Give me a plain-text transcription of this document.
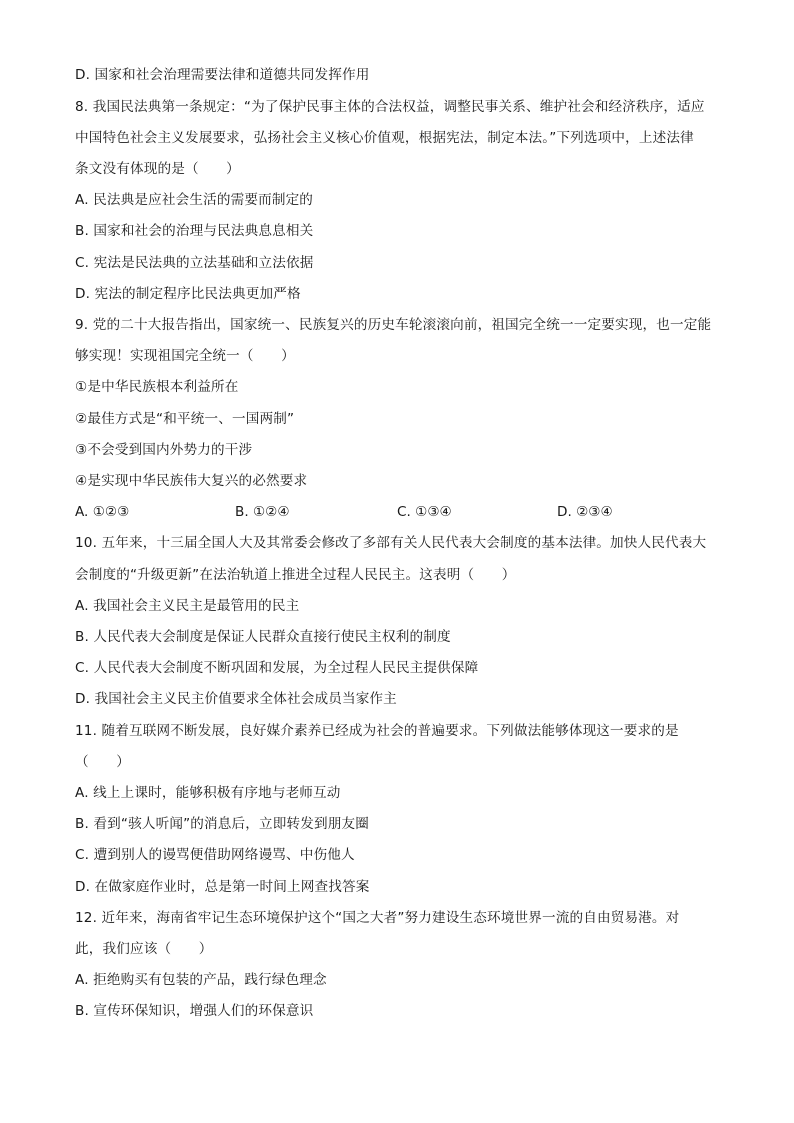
D. 国家和社会治理需要法律和道德共同发挥作用
8. 我国民法典第一条规定：“为了保护民事主体的合法权益，调整民事关系、维护社会和经济秩序，适应
中国特色社会主义发展要求，弘扬社会主义核心价值观，根据宪法，制定本法。”下列选项中，上述法律
条文没有体现的是（　　）
A. 民法典是应社会生活的需要而制定的
B. 国家和社会的治理与民法典息息相关
C. 宪法是民法典的立法基础和立法依据
D. 宪法的制定程序比民法典更加严格
9. 党的二十大报告指出，国家统一、民族复兴的历史车轮滚滚向前，祖国完全统一一定要实现，也一定能
够实现！实现祖国完全统一（　　）
①是中华民族根本利益所在
②最佳方式是“和平统一、一国两制”
③不会受到国内外势力的干涉
④是实现中华民族伟大复兴的必然要求
A. ①②③	B. ①②④	C. ①③④	D. ②③④
10. 五年来，十三届全国人大及其常委会修改了多部有关人民代表大会制度的基本法律。加快人民代表大
会制度的“升级更新”在法治轨道上推进全过程人民民主。这表明（　　）
A. 我国社会主义民主是最管用的民主
B. 人民代表大会制度是保证人民群众直接行使民主权利的制度
C. 人民代表大会制度不断巩固和发展，为全过程人民民主提供保障
D. 我国社会主义民主价值要求全体社会成员当家作主
11. 随着互联网不断发展，良好媒介素养已经成为社会的普遍要求。下列做法能够体现这一要求的是
（　　）
A. 线上上课时，能够积极有序地与老师互动
B. 看到“骇人听闻”的消息后，立即转发到朋友圈
C. 遭到别人的谩骂便借助网络谩骂、中伤他人
D. 在做家庭作业时，总是第一时间上网查找答案
12. 近年来，海南省牢记生态环境保护这个“国之大者”努力建设生态环境世界一流的自由贸易港。对
此，我们应该（　　）
A. 拒绝购买有包装的产品，践行绿色理念
B. 宣传环保知识，增强人们的环保意识
